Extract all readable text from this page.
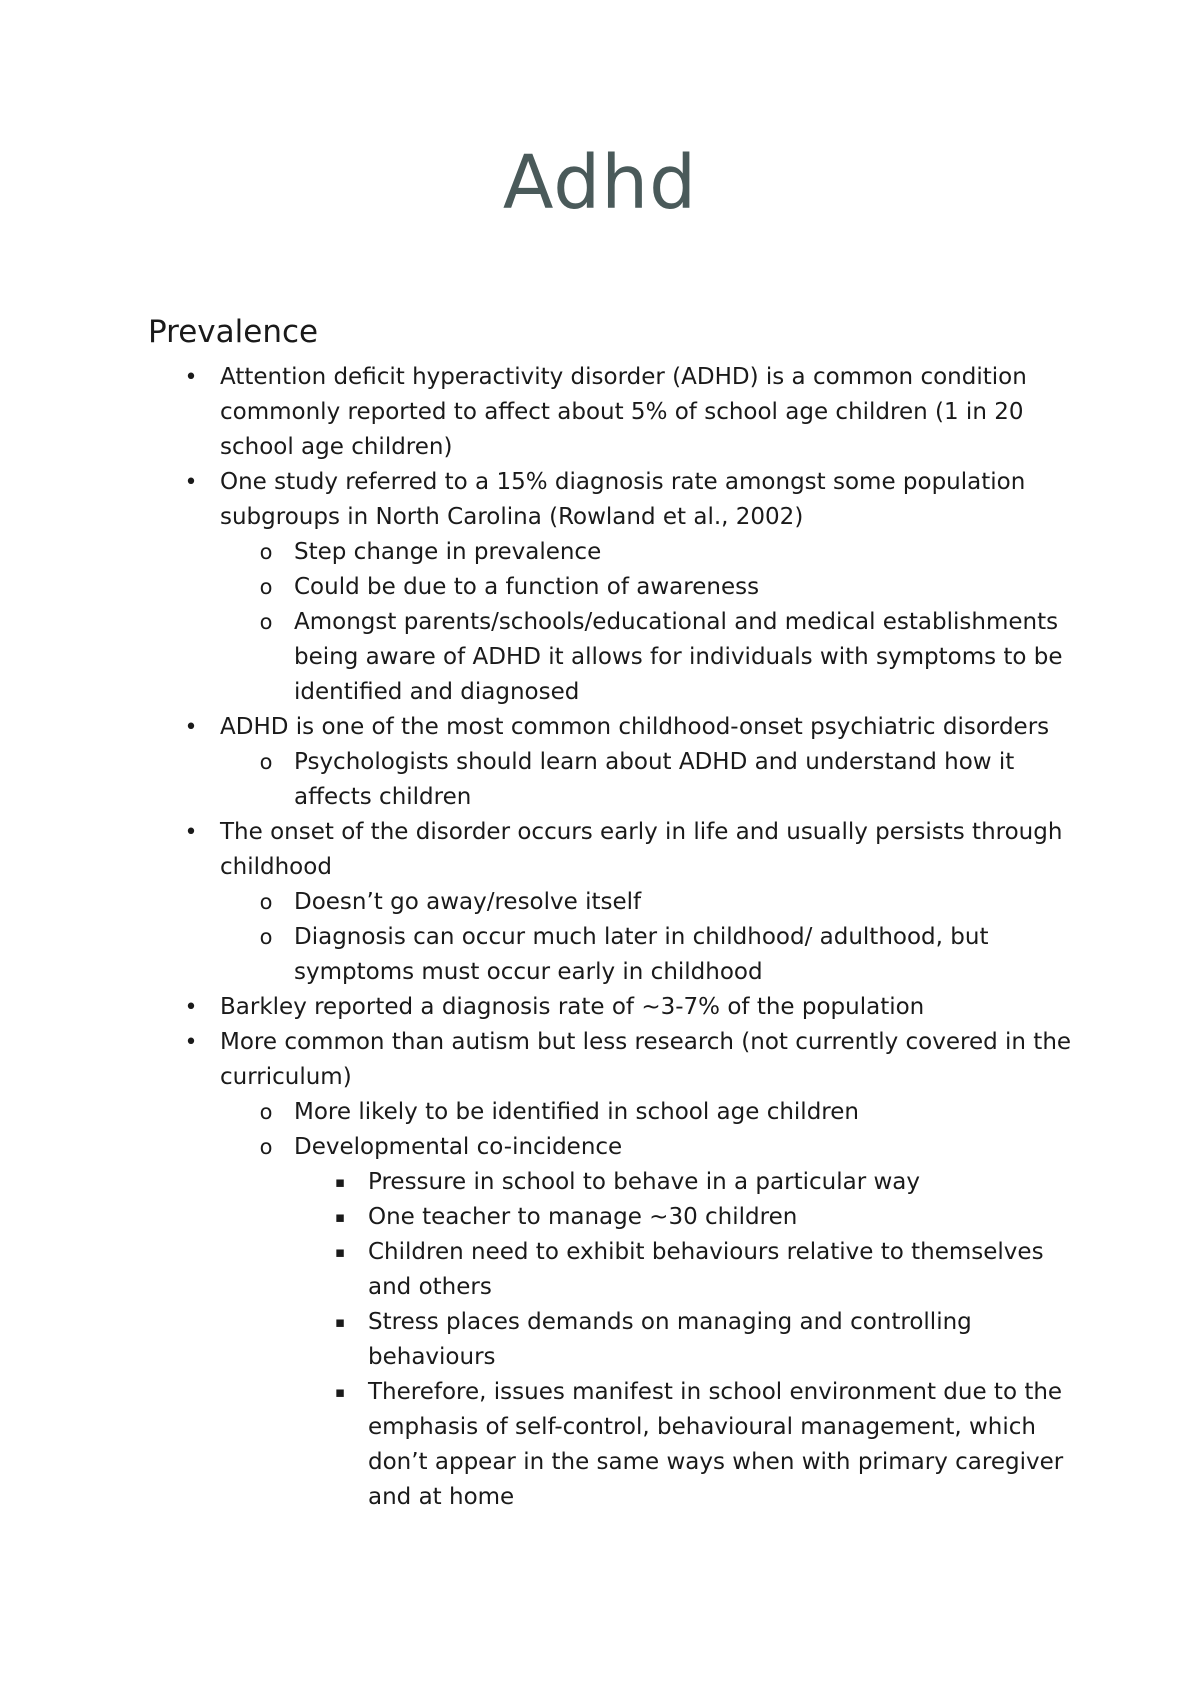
Adhd
Prevalence
• Attention deficit hyperactivity disorder (ADHD) is a common condition commonly reported to affect about 5% of school age children (1 in 20 school age children)
• One study referred to a 15% diagnosis rate amongst some population subgroups in North Carolina (Rowland et al., 2002)
o Step change in prevalence
o Could be due to a function of awareness
o Amongst parents/schools/educational and medical establishments being aware of ADHD it allows for individuals with symptoms to be identified and diagnosed
• ADHD is one of the most common childhood-onset psychiatric disorders
o Psychologists should learn about ADHD and understand how it affects children
• The onset of the disorder occurs early in life and usually persists through childhood
o Doesn’t go away/resolve itself
o Diagnosis can occur much later in childhood/ adulthood, but symptoms must occur early in childhood
• Barkley reported a diagnosis rate of ~3-7% of the population
• More common than autism but less research (not currently covered in the curriculum)
o More likely to be identified in school age children
o Developmental co-incidence
▪ Pressure in school to behave in a particular way
▪ One teacher to manage ~30 children
▪ Children need to exhibit behaviours relative to themselves and others
▪ Stress places demands on managing and controlling behaviours
▪ Therefore, issues manifest in school environment due to the emphasis of self-control, behavioural management, which don’t appear in the same ways when with primary caregiver and at home
